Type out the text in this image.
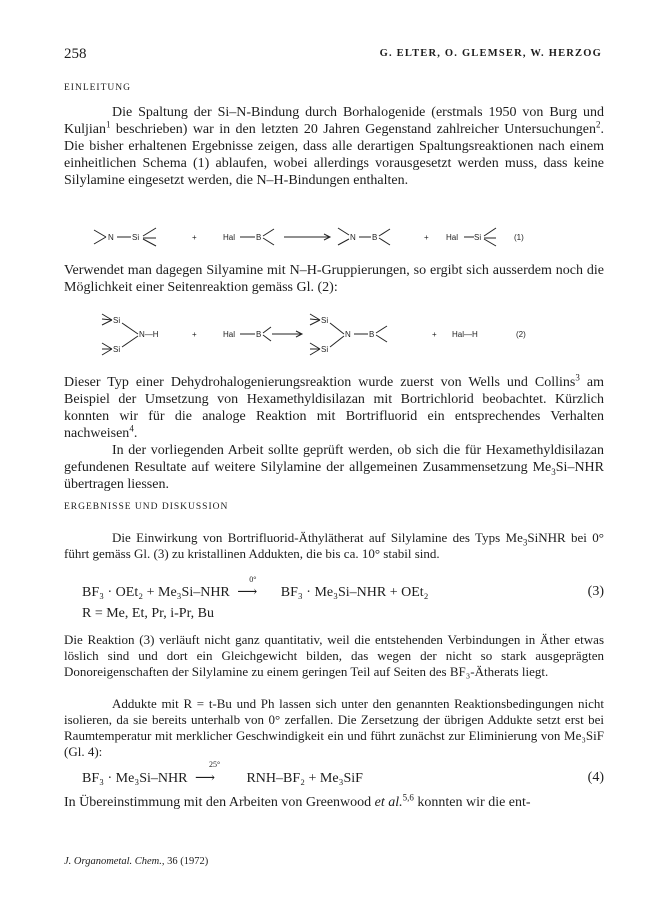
258	G. ELTER, O. GLEMSER, W. HERZOG
EINLEITUNG

Die Spaltung der Si–N-Bindung durch Borhalogenide (erstmals 1950 von Burg und Kuljian$^1$ beschrieben) war in den letzten 20 Jahren Gegenstand zahlreicher Untersuchungen$^2$. Die bisher erhaltenen Ergebnisse zeigen, dass alle derartigen Spaltungsreaktionen nach einem einheitlichen Schema (1) ablaufen, wobei allerdings vorausgesetzt werden muss, dass keine Silylamine eingesetzt werden, die N–H-Bindungen enthalten.

N Si	+	Hal	B	N B	+ Hal Si	(1)

Verwendet man dagegen Silyamine mit N–H-Gruppierungen, so ergibt sich ausserdem noch die Möglichkeit einer Seitenreaktion gemäss Gl. (2):

Si
N—H
Si
+	Hal	B
Si
N
Si
B	+ Hal—H	(2)

Dieser Typ einer Dehydrohalogenierungsreaktion wurde zuerst von Wells und Collins$^3$ am Beispiel der Umsetzung von Hexamethyldisilazan mit Bortrichlorid beobachtet. Kürzlich konnten wir für die analoge Reaktion mit Bortrifluorid ein entsprechendes Verhalten nachweisen$^4$.

In der vorliegenden Arbeit sollte geprüft werden, ob sich die für Hexamethyldisilazan gefundenen Resultate auf weitere Silylamine der allgemeinen Zusammensetzung $Me_3Si$–NHR übertragen liessen.

ERGEBNISSE UND DISKUSSION

Die Einwirkung von Bortrifluorid-Äthylätherat auf Silylamine des Typs $Me_3SiNHR$ bei 0° führt gemäss Gl. (3) zu kristallinen Addukten, die bis ca. 10° stabil sind.

BF₃ · OEt₂ + Me₃Si–NHR
0°
⟶ BF₃ · Me₃Si–NHR + OEt₂	(3)
R = Me, Et, Pr, i-Pr, Bu

Die Reaktion (3) verläuft nicht ganz quantitativ, weil die entstehenden Verbindungen in Äther etwas löslich sind und dort ein Gleichgewicht bilden, das wegen der nicht so stark ausgeprägten Donoreigenschaften der Silylamine zu einem geringen Teil auf Seiten des BF₃-Ätherats liegt.

Addukte mit R = t-Bu und Ph lassen sich unter den genannten Reaktionsbedingungen nicht isolieren, da sie bereits unterhalb von 0° zerfallen. Die Zersetzung der übrigen Addukte setzt erst bei Raumtemperatur mit merklicher Geschwindigkeit ein und führt zunächst zur Eliminierung von Me₃SiF (Gl. 4):

BF₃ · Me₃Si–NHR
25°
⟶ RNH–BF₂ + Me₃SiF	(4)

In Übereinstimmung mit den Arbeiten von Greenwood et al.$^{5,6}$ konnten wir die ent-

J. Organometal. Chem., 36 (1972)
